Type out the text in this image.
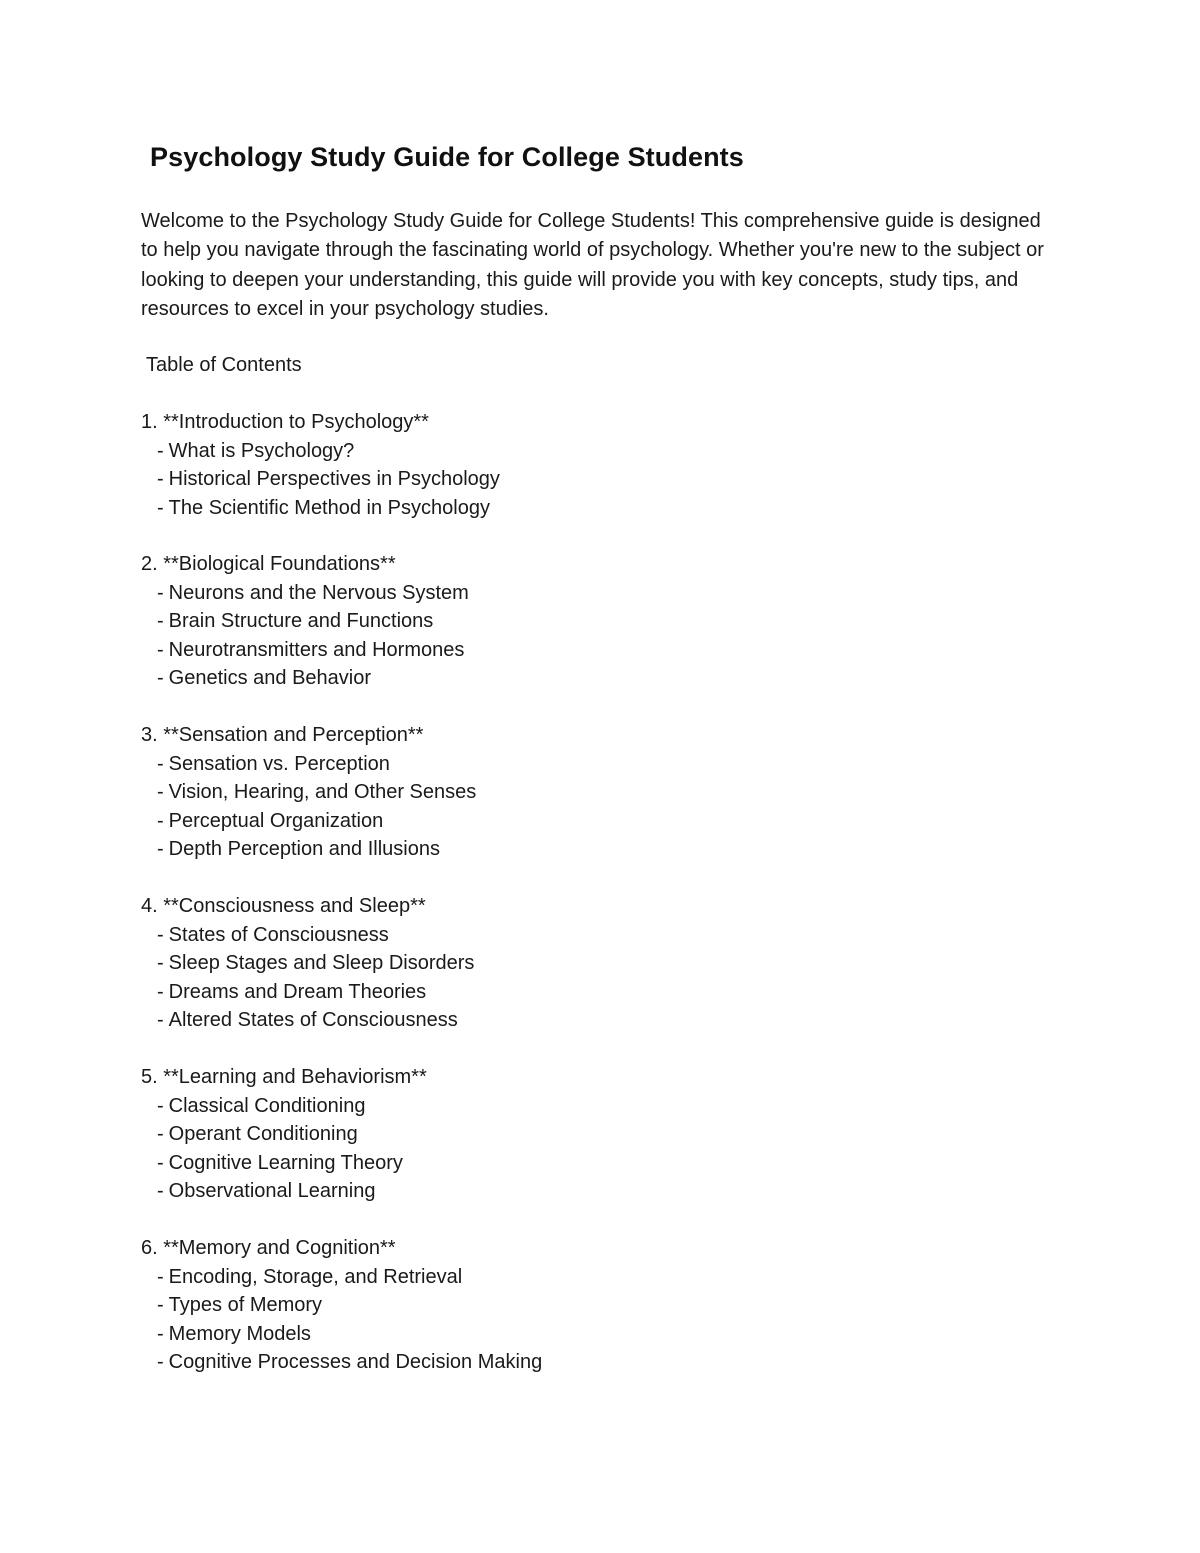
Psychology Study Guide for College Students

Welcome to the Psychology Study Guide for College Students! This comprehensive guide is designed to help you navigate through the fascinating world of psychology. Whether you're new to the subject or looking to deepen your understanding, this guide will provide you with key concepts, study tips, and resources to excel in your psychology studies.

Table of Contents
1. **Introduction to Psychology**
- What is Psychology?
- Historical Perspectives in Psychology
- The Scientific Method in Psychology
2. **Biological Foundations**
- Neurons and the Nervous System
- Brain Structure and Functions
- Neurotransmitters and Hormones
- Genetics and Behavior
3. **Sensation and Perception**
- Sensation vs. Perception
- Vision, Hearing, and Other Senses
- Perceptual Organization
- Depth Perception and Illusions
4. **Consciousness and Sleep**
- States of Consciousness
- Sleep Stages and Sleep Disorders
- Dreams and Dream Theories
- Altered States of Consciousness
5. **Learning and Behaviorism**
- Classical Conditioning
- Operant Conditioning
- Cognitive Learning Theory
- Observational Learning
6. **Memory and Cognition**
- Encoding, Storage, and Retrieval
- Types of Memory
- Memory Models
- Cognitive Processes and Decision Making
